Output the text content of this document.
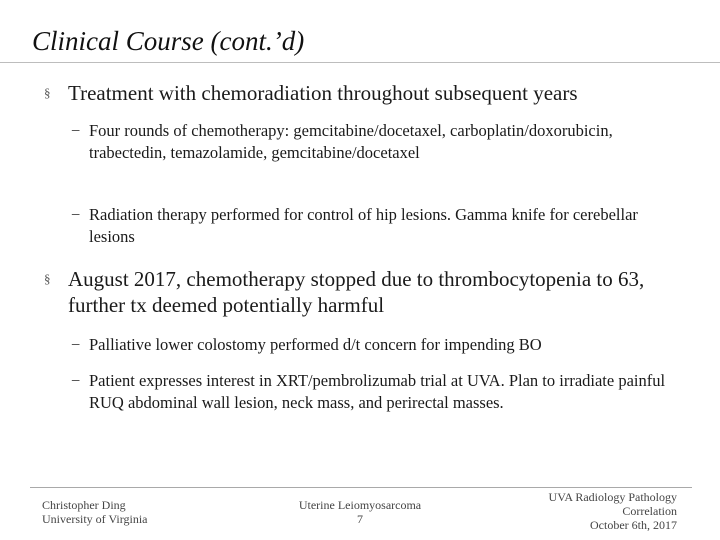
Clinical Course (cont.’d)
§ Treatment with chemoradiation throughout subsequent years
− Four rounds of chemotherapy: gemcitabine/docetaxel, carboplatin/doxorubicin, trabectedin, temazolamide, gemcitabine/docetaxel
− Radiation therapy performed for control of hip lesions. Gamma knife for cerebellar lesions
§ August 2017, chemotherapy stopped due to thrombocytopenia to 63, further tx deemed potentially harmful
− Palliative lower colostomy performed d/t concern for impending BO
− Patient expresses interest in XRT/pembrolizumab trial at UVA. Plan to irradiate painful RUQ abdominal wall lesion, neck mass, and perirectal masses.
Christopher Ding
University of Virginia
Uterine Leiomyosarcoma
7
UVA Radiology Pathology
Correlation
October 6th, 2017
